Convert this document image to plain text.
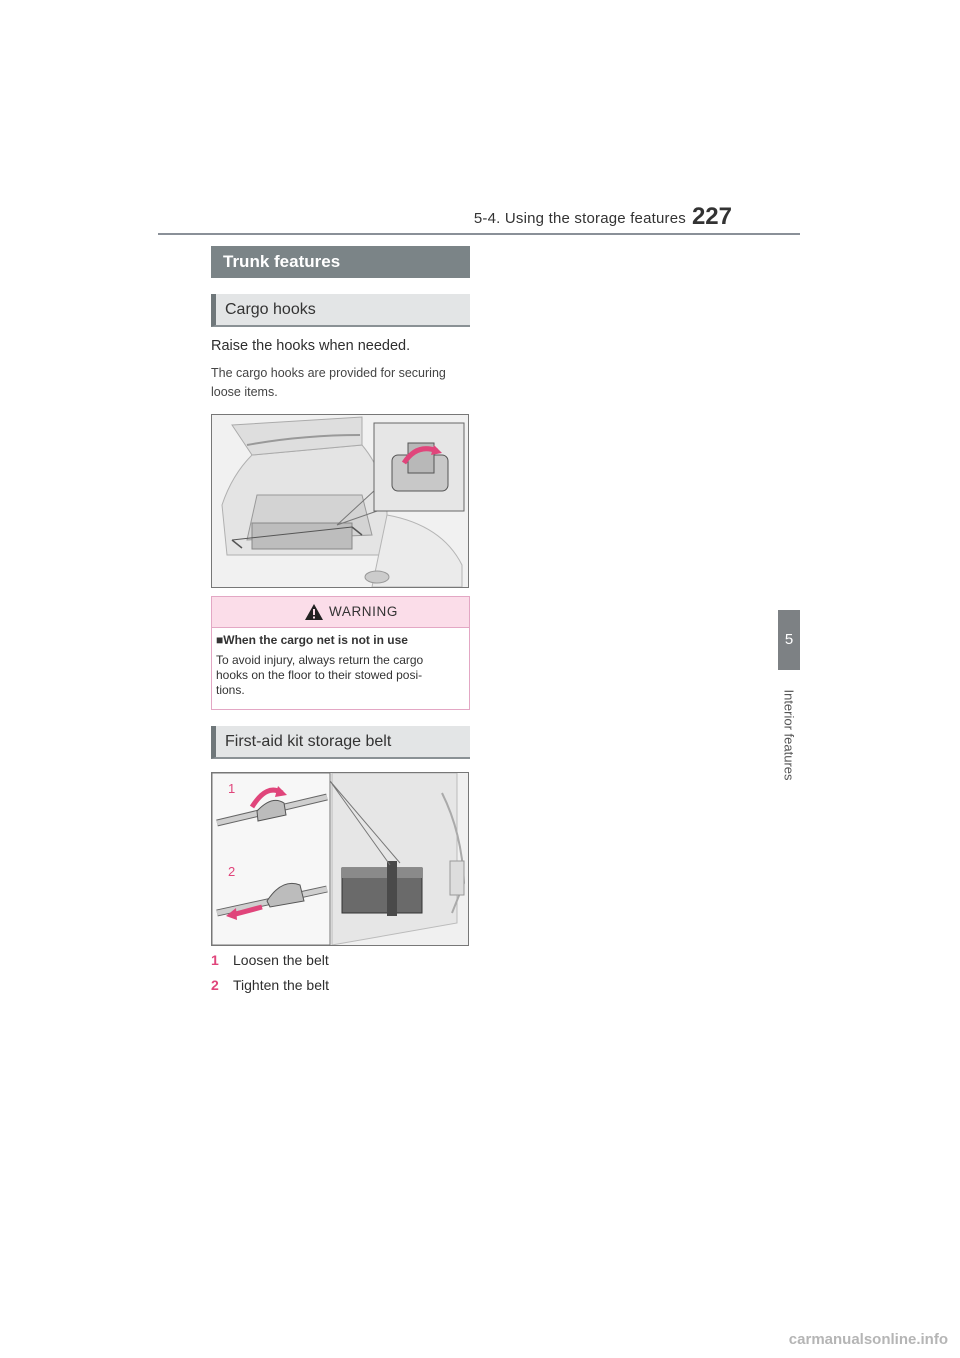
5-4. Using the storage features 227
5
Interior features
Trunk features
Cargo hooks
Raise the hooks when needed.
The cargo hooks are provided for securing
loose items.
WARNING
■When the cargo net is not in use
To avoid injury, always return the cargo
hooks on the floor to their stowed posi-
tions.
First-aid kit storage belt
1
2
1 Loosen the belt
2 Tighten the belt
carmanualsonline.info
